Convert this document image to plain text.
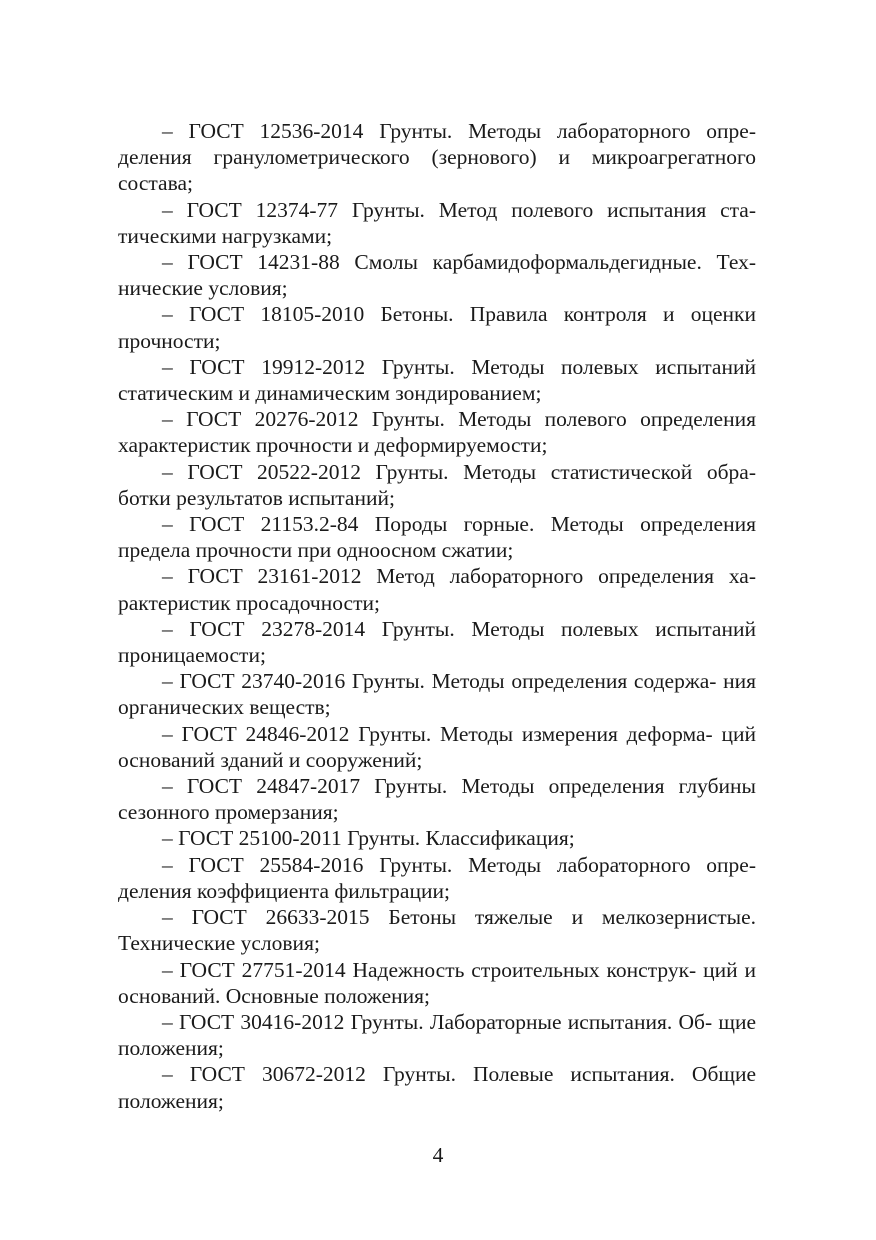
– ГОСТ 12536-2014 Грунты. Методы лабораторного опре- деления гранулометрического (зернового) и микроагрегатного состава;

– ГОСТ 12374-77 Грунты. Метод полевого испытания ста- тическими нагрузками;

– ГОСТ 14231-88 Смолы карбамидоформальдегидные. Тех- нические условия;

– ГОСТ 18105-2010 Бетоны. Правила контроля и оценки прочности;

– ГОСТ 19912-2012 Грунты. Методы полевых испытаний статическим и динамическим зондированием;

– ГОСТ 20276-2012 Грунты. Методы полевого определения характеристик прочности и деформируемости;

– ГОСТ 20522-2012 Грунты. Методы статистической обра- ботки результатов испытаний;

– ГОСТ 21153.2-84 Породы горные. Методы определения предела прочности при одноосном сжатии;

– ГОСТ 23161-2012 Метод лабораторного определения ха- рактеристик просадочности;

– ГОСТ 23278-2014 Грунты. Методы полевых испытаний проницаемости;

– ГОСТ 23740-2016 Грунты. Методы определения содержа- ния органических веществ;

– ГОСТ 24846-2012 Грунты. Методы измерения деформа- ций оснований зданий и сооружений;

– ГОСТ 24847-2017 Грунты. Методы определения глубины сезонного промерзания;

– ГОСТ 25100-2011 Грунты. Классификация;

– ГОСТ 25584-2016 Грунты. Методы лабораторного опре- деления коэффициента фильтрации;

– ГОСТ 26633-2015 Бетоны тяжелые и мелкозернистые. Технические условия;

– ГОСТ 27751-2014 Надежность строительных конструк- ций и оснований. Основные положения;

– ГОСТ 30416-2012 Грунты. Лабораторные испытания. Об- щие положения;

– ГОСТ 30672-2012 Грунты. Полевые испытания. Общие положения;

4
